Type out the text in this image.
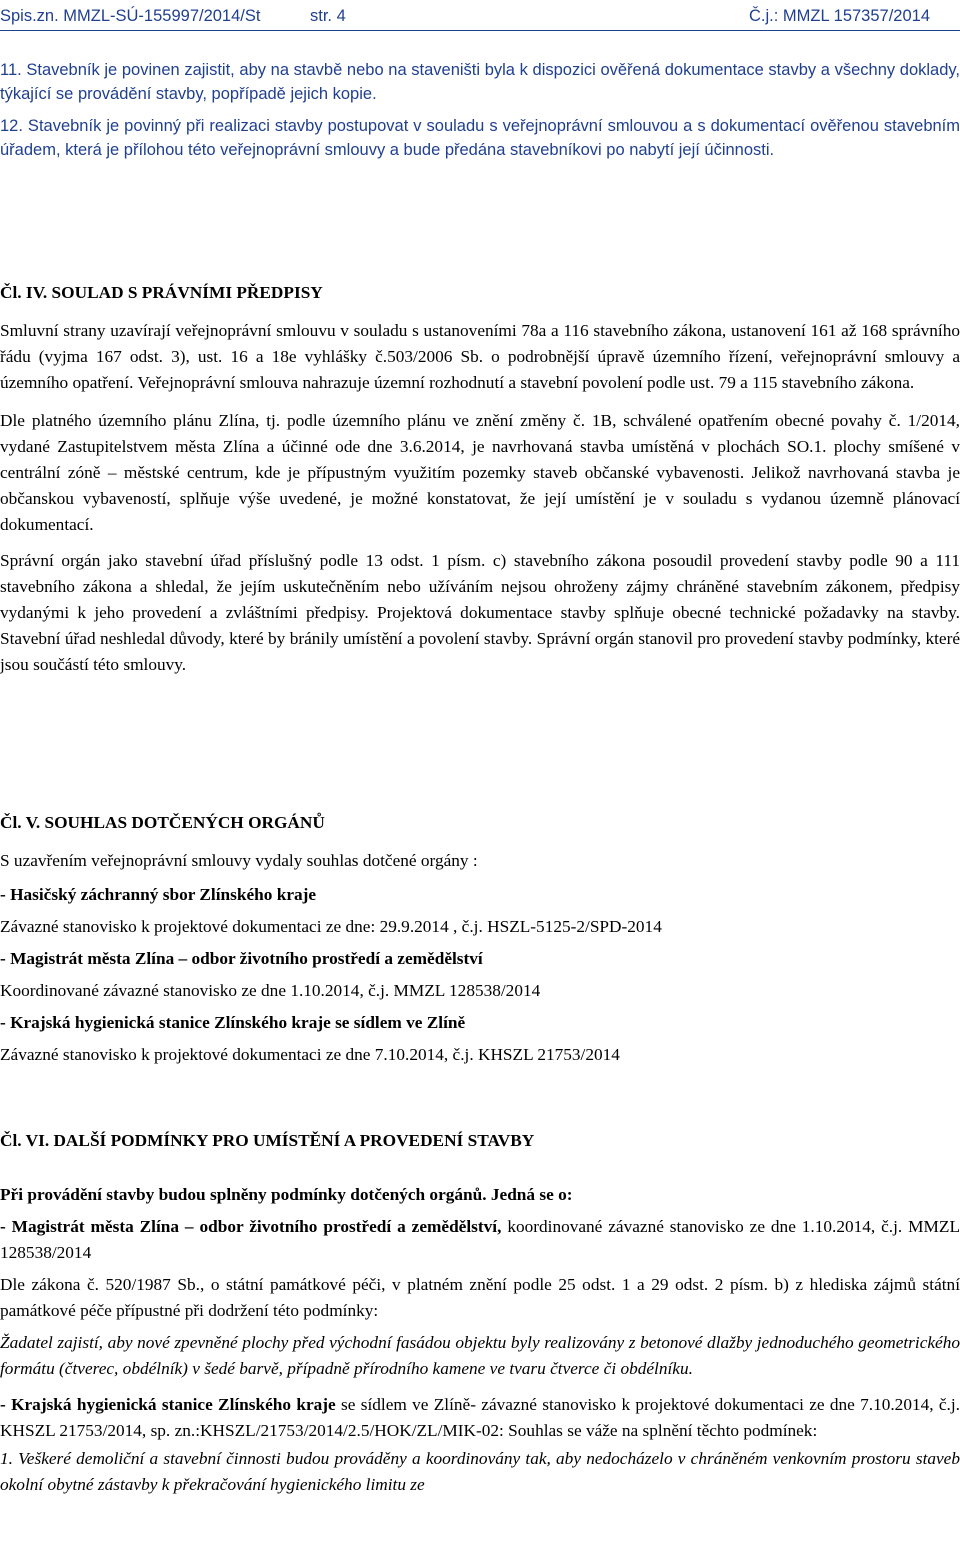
Spis.zn. MMZL-SÚ-155997/2014/St	str. 4	Č.j.: MMZL 157357/2014

11. Stavebník je povinen zajistit, aby na stavbě nebo na staveništi byla k dispozici ověřená dokumentace stavby a všechny doklady, týkající se provádění stavby, popřípadě jejich kopie.

12. Stavebník je povinný při realizaci stavby postupovat v souladu s veřejnoprávní smlouvou a s dokumentací ověřenou stavebním úřadem, která je přílohou této veřejnoprávní smlouvy a bude předána stavebníkovi po nabytí její účinnosti.

Čl. IV. SOULAD S PRÁVNÍMI PŘEDPISY

Smluvní strany uzavírají veřejnoprávní smlouvu v souladu s ustanoveními 78a a 116 stavebního zákona, ustanovení 161 až 168 správního řádu (vyjma 167 odst. 3), ust. 16 a 18e vyhlášky č.503/2006 Sb. o podrobnější úpravě územního řízení, veřejnoprávní smlouvy a územního opatření. Veřejnoprávní smlouva nahrazuje územní rozhodnutí a stavební povolení podle ust. 79 a 115 stavebního zákona.

Dle platného územního plánu Zlína, tj. podle územního plánu ve znění změny č. 1B, schválené opatřením obecné povahy č. 1/2014, vydané Zastupitelstvem města Zlína a účinné ode dne 3.6.2014, je navrhovaná stavba umístěná v plochách SO.1. plochy smíšené v centrální zóně – městské centrum, kde je přípustným využitím pozemky staveb občanské vybavenosti. Jelikož navrhovaná stavba je občanskou vybaveností, splňuje výše uvedené, je možné konstatovat, že její umístění je v souladu s vydanou územně plánovací dokumentací.

Správní orgán jako stavební úřad příslušný podle 13 odst. 1 písm. c) stavebního zákona posoudil provedení stavby podle 90 a 111 stavebního zákona a shledal, že jejím uskutečněním nebo užíváním nejsou ohroženy zájmy chráněné stavebním zákonem, předpisy vydanými k jeho provedení a zvláštními předpisy. Projektová dokumentace stavby splňuje obecné technické požadavky na stavby. Stavební úřad neshledal důvody, které by bránily umístění a povolení stavby. Správní orgán stanovil pro provedení stavby podmínky, které jsou součástí této smlouvy.

Čl. V. SOUHLAS DOTČENÝCH ORGÁNŮ

S uzavřením veřejnoprávní smlouvy vydaly souhlas dotčené orgány :

- Hasičský záchranný sbor Zlínského kraje

Závazné stanovisko k projektové dokumentaci ze dne: 29.9.2014 , č.j. HSZL-5125-2/SPD-2014

- Magistrát města Zlína – odbor životního prostředí a zemědělství

Koordinované závazné stanovisko ze dne 1.10.2014, č.j. MMZL 128538/2014

- Krajská hygienická stanice Zlínského kraje se sídlem ve Zlíně

Závazné stanovisko k projektové dokumentaci ze dne 7.10.2014, č.j. KHSZL 21753/2014

Čl. VI. DALŠÍ PODMÍNKY PRO UMÍSTĚNÍ A PROVEDENÍ STAVBY

Při provádění stavby budou splněny podmínky dotčených orgánů. Jedná se o:

- Magistrát města Zlína – odbor životního prostředí a zemědělství, koordinované závazné stanovisko ze dne 1.10.2014, č.j. MMZL 128538/2014

Dle zákona č. 520/1987 Sb., o státní památkové péči, v platném znění podle 25 odst. 1 a 29 odst. 2 písm. b) z hlediska zájmů státní památkové péče přípustné při dodržení této podmínky:

Žadatel zajistí, aby nové zpevněné plochy před východní fasádou objektu byly realizovány z betonové dlažby jednoduchého geometrického formátu (čtverec, obdélník) v šedé barvě, případně přírodního kamene ve tvaru čtverce či obdélníku.

- Krajská hygienická stanice Zlínského kraje se sídlem ve Zlíně- závazné stanovisko k projektové dokumentaci ze dne 7.10.2014, č.j. KHSZL 21753/2014, sp. zn.:KHSZL/21753/2014/2.5/HOK/ZL/MIK-02: Souhlas se váže na splnění těchto podmínek:

1. Veškeré demoliční a stavební činnosti budou prováděny a koordinovány tak, aby nedocházelo v chráněném venkovním prostoru staveb okolní obytné zástavby k překračování hygienického limitu ze
